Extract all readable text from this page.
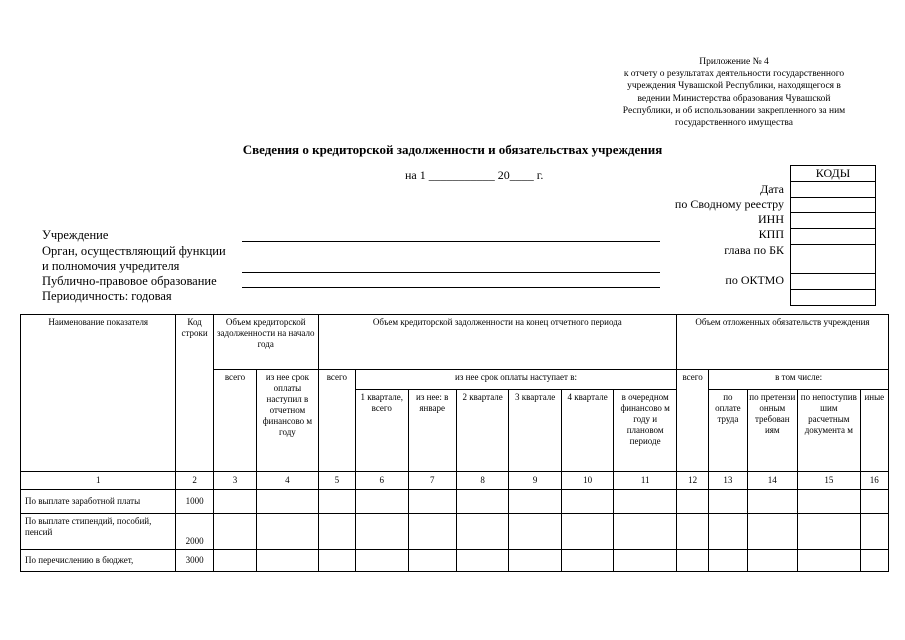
Приложение № 4
к отчету о результатах деятельности государственного
учреждения Чувашской Республики, находящегося в
ведении Министерства образования Чувашской
Республики, и об использовании закрепленного за ним
государственного имущества
Сведения о кредиторской задолженности и обязательствах учреждения
на 1 ___________ 20____ г.
Учреждение
Орган, осуществляющий функции
и полномочия учредителя
Публично-правовое образование
Периодичность: годовая
Дата
по Сводному реестру
ИНН
КПП
глава по БК
по ОКТМО
КОДЫ
Наименование показателя	Код строки	Объем кредиторской задолженности на начало года		Объем кредиторской задолженности на конец отчетного периода							Объем отложенных обязательств учреждения				
		всего	из нее срок оплаты наступил в отчетном финансово м году	всего	из нее срок оплаты наступает в:						всего	в том числе:			
					1 квартале, всего	из нее: в январе	2 квартале	3 квартале	4 квартале	в очередном финансово м году и плановом периоде		по оплате труда	по претензи онным требован иям	по непоступив шим расчетным документа м	иные
1	2	3	4	5	6	7	8	9	10	11	12	13	14	15	16
По выплате заработной платы	1000														
По выплате стипендий, пособий, пенсий	2000														
По перечислению в бюджет,	3000														
